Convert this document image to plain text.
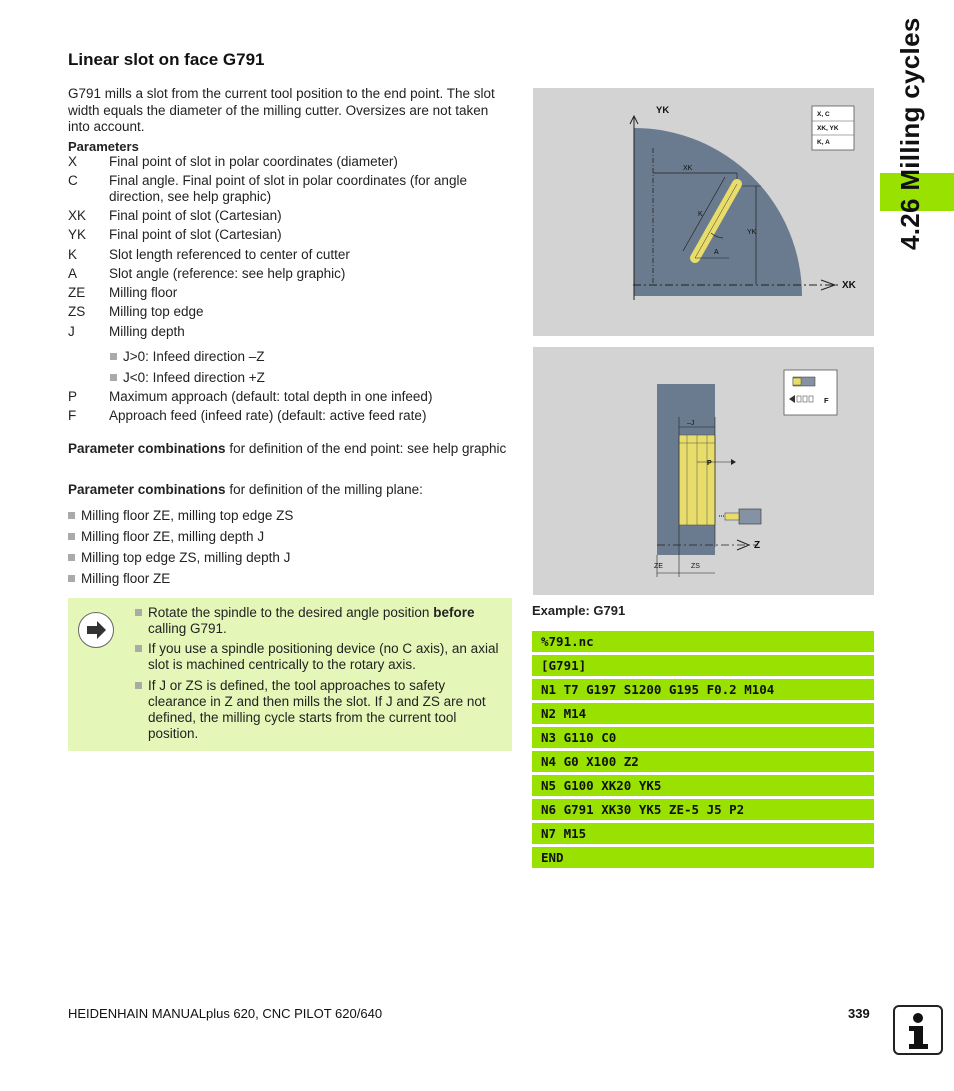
Linear slot on face G791
G791 mills a slot from the current tool position to the end point. The slot width equals the diameter of the milling cutter. Oversizes are not taken into account.
Parameters
X Final point of slot in polar coordinates (diameter)
C Final angle. Final point of slot in polar coordinates (for angle direction, see help graphic)
XK Final point of slot (Cartesian)
YK Final point of slot (Cartesian)
K Slot length referenced to center of cutter
A Slot angle (reference: see help graphic)
ZE Milling floor
ZS Milling top edge
J	Milling depth
J>0: Infeed direction –Z
J<0: Infeed direction +Z
P Maximum approach (default: total depth in one infeed)
F Approach feed (infeed rate) (default: active feed rate)
Parameter combinations for definition of the end point: see help graphic
Parameter combinations for definition of the milling plane:
Milling floor ZE, milling top edge ZS
Milling floor ZE, milling depth J
Milling top edge ZS, milling depth J
Milling floor ZE
Rotate the spindle to the desired angle position before calling G791.
If you use a spindle positioning device (no C axis), an axial slot is machined centrically to the rotary axis.
If J or ZS is defined, the tool approaches to safety clearance in Z and then mills the slot. If J and ZS are not defined, the milling cycle starts from the current tool position.
YK
XK
XK
YK
K
A
X, C
XK, YK
K, A
–J
P
F
Z
ZE	ZS
Example: G791
%791.nc
[G791]
N1 T7 G197 S1200 G195 F0.2 M104
N2 M14
N3 G110 C0
N4 G0 X100 Z2
N5 G100 XK20 YK5
N6 G791 XK30 YK5 ZE-5 J5 P2
N7 M15
END
4.26 Milling cycles
HEIDENHAIN MANUALplus 620, CNC PILOT 620/640	339
